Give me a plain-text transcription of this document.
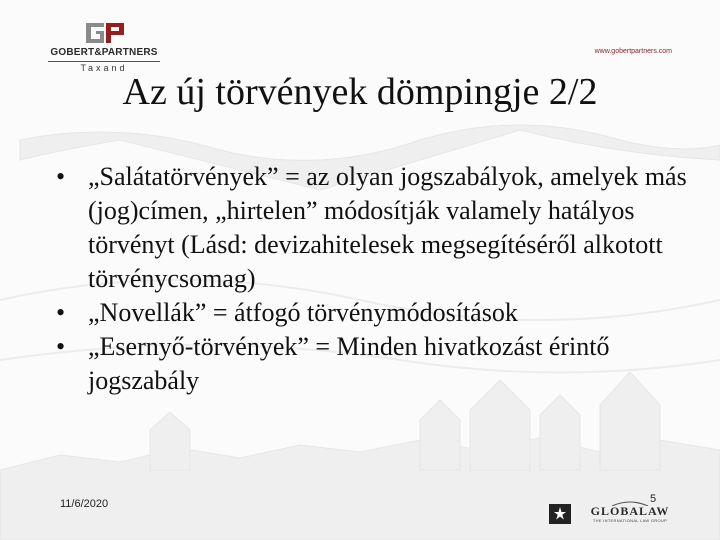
GOBERT&PARTNERS
Taxand
www.gobertpartners.com
Az új törvények dömpingje 2/2
• „Salátatörvények” = az olyan jogszabályok, amelyek más (jog)címen, „hirtelen” módosítják valamely hatályos törvényt (Lásd: devizahitelesek megsegítéséről alkotott törvénycsomag)
• „Novellák” = átfogó törvénymódosítások
• „Esernyő-törvények” = Minden hivatkozást érintő jogszabály
11/6/2020	5
GLOBALAW
THE INTERNATIONAL LAW GROUP
